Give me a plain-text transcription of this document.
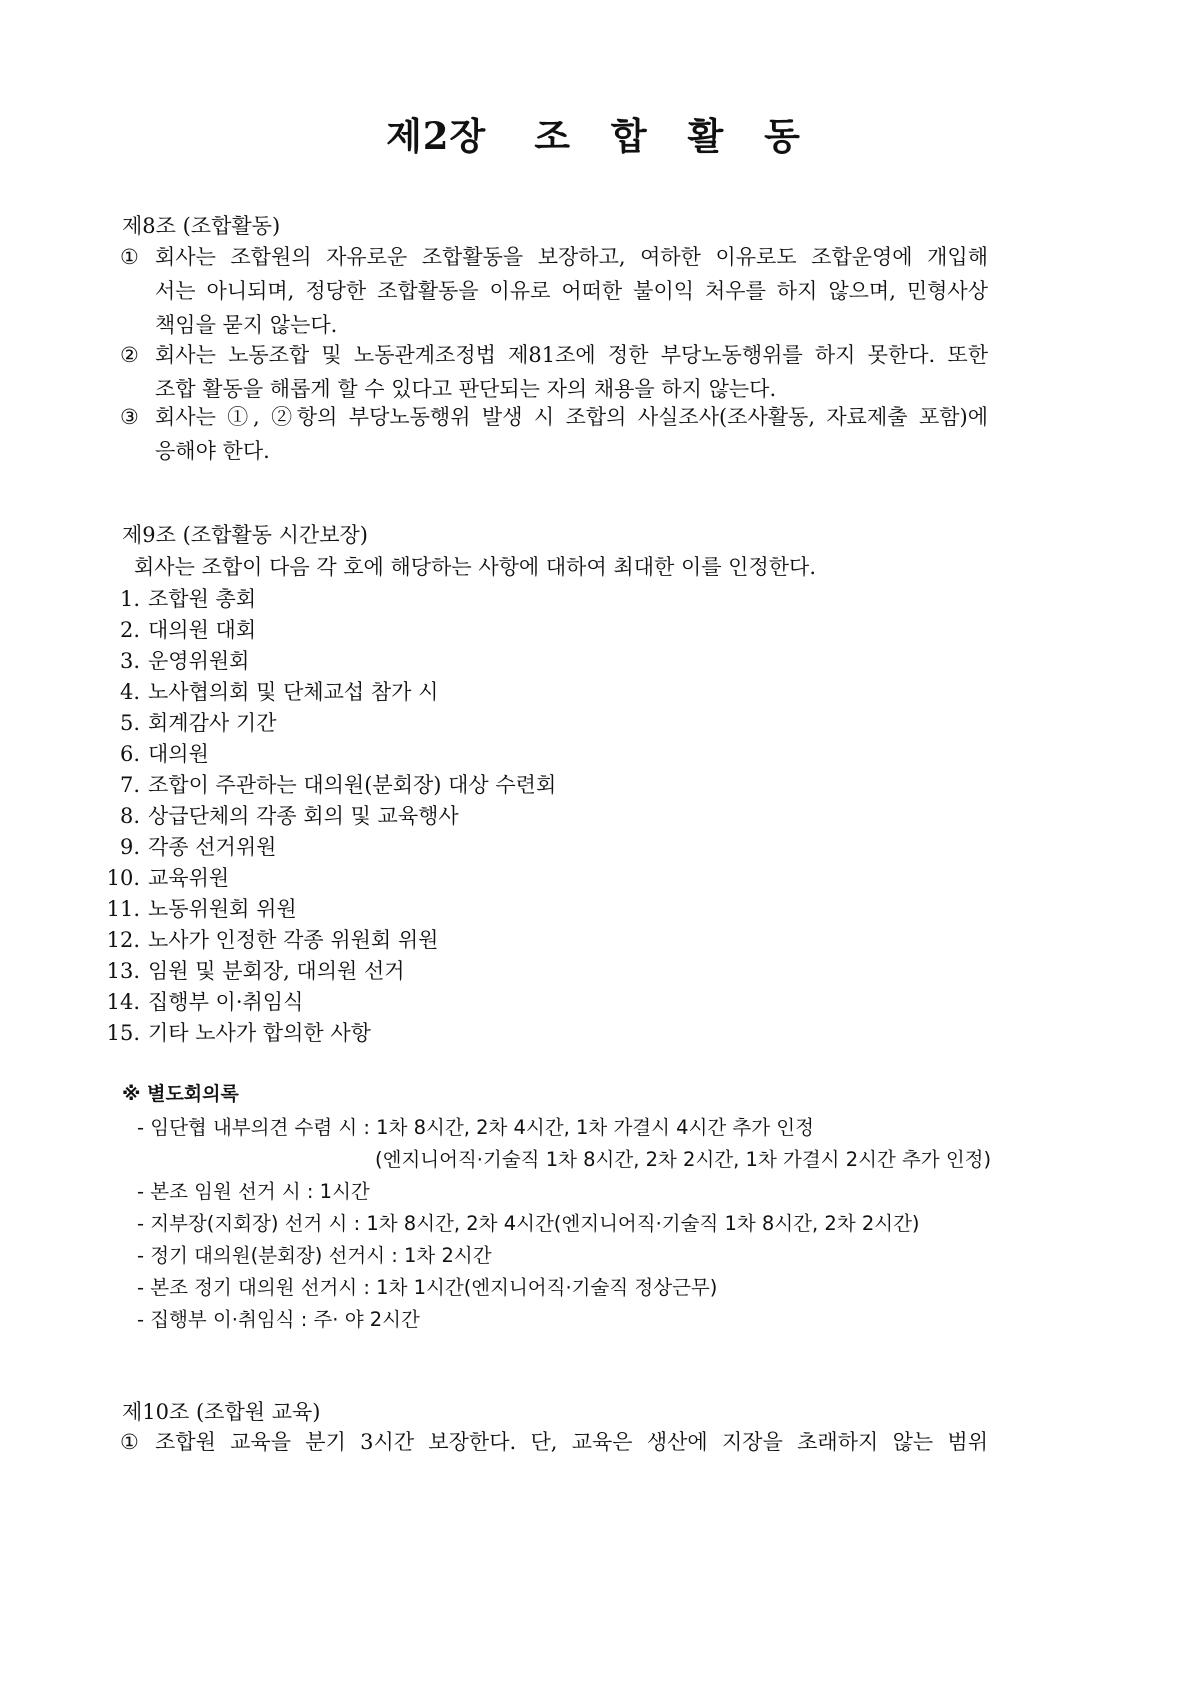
제2장 조 합 활 동
제8조 (조합활동)
① 회사는 조합원의 자유로운 조합활동을 보장하고, 여하한 이유로도 조합운영에 개입해
서는 아니되며, 정당한 조합활동을 이유로 어떠한 불이익 처우를 하지 않으며, 민형사상
책임을 묻지 않는다.
② 회사는 노동조합 및 노동관계조정법 제81조에 정한 부당노동행위를 하지 못한다. 또한
조합 활동을 해롭게 할 수 있다고 판단되는 자의 채용을 하지 않는다.
③ 회사는 ①, ②항의 부당노동행위 발생 시 조합의 사실조사(조사활동, 자료제출 포함)에
응해야 한다.
제9조 (조합활동 시간보장)
회사는 조합이 다음 각 호에 해당하는 사항에 대하여 최대한 이를 인정한다.
1. 조합원 총회
2. 대의원 대회
3. 운영위원회
4. 노사협의회 및 단체교섭 참가 시
5. 회계감사 기간
6. 대의원
7. 조합이 주관하는 대의원(분회장) 대상 수련회
8. 상급단체의 각종 회의 및 교육행사
9. 각종 선거위원
10. 교육위원
11. 노동위원회 위원
12. 노사가 인정한 각종 위원회 위원
13. 임원 및 분회장, 대의원 선거
14. 집행부 이·취임식
15. 기타 노사가 합의한 사항
※ 별도회의록
- 임단협 내부의견 수렴 시 : 1차 8시간, 2차 4시간, 1차 가결시 4시간 추가 인정
(엔지니어직·기술직 1차 8시간, 2차 2시간, 1차 가결시 2시간 추가 인정)
- 본조 임원 선거 시 : 1시간
- 지부장(지회장) 선거 시 : 1차 8시간, 2차 4시간(엔지니어직·기술직 1차 8시간, 2차 2시간)
- 정기 대의원(분회장) 선거시 : 1차 2시간
- 본조 정기 대의원 선거시 : 1차 1시간(엔지니어직·기술직 정상근무)
- 집행부 이·취임식 : 주· 야 2시간
제10조 (조합원 교육)
① 조합원 교육을 분기 3시간 보장한다. 단, 교육은 생산에 지장을 초래하지 않는 범위
